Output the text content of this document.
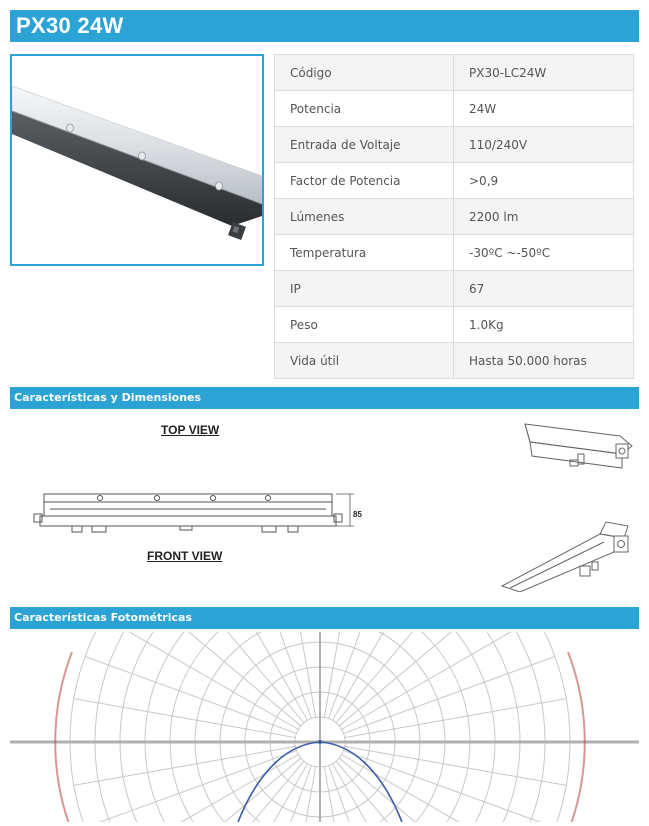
PX30 24W
Código	PX30-LC24W
Potencia	24W
Entrada de Voltaje	110/240V
Factor de Potencia	>0,9
Lúmenes	2200 lm
Temperatura	-30ºC ~-50ºC
IP	67
Peso	1.0Kg
Vida útil	Hasta 50.000 horas
Características y Dimensiones
TOP VIEW
FRONT VIEW
85
Características Fotométricas
